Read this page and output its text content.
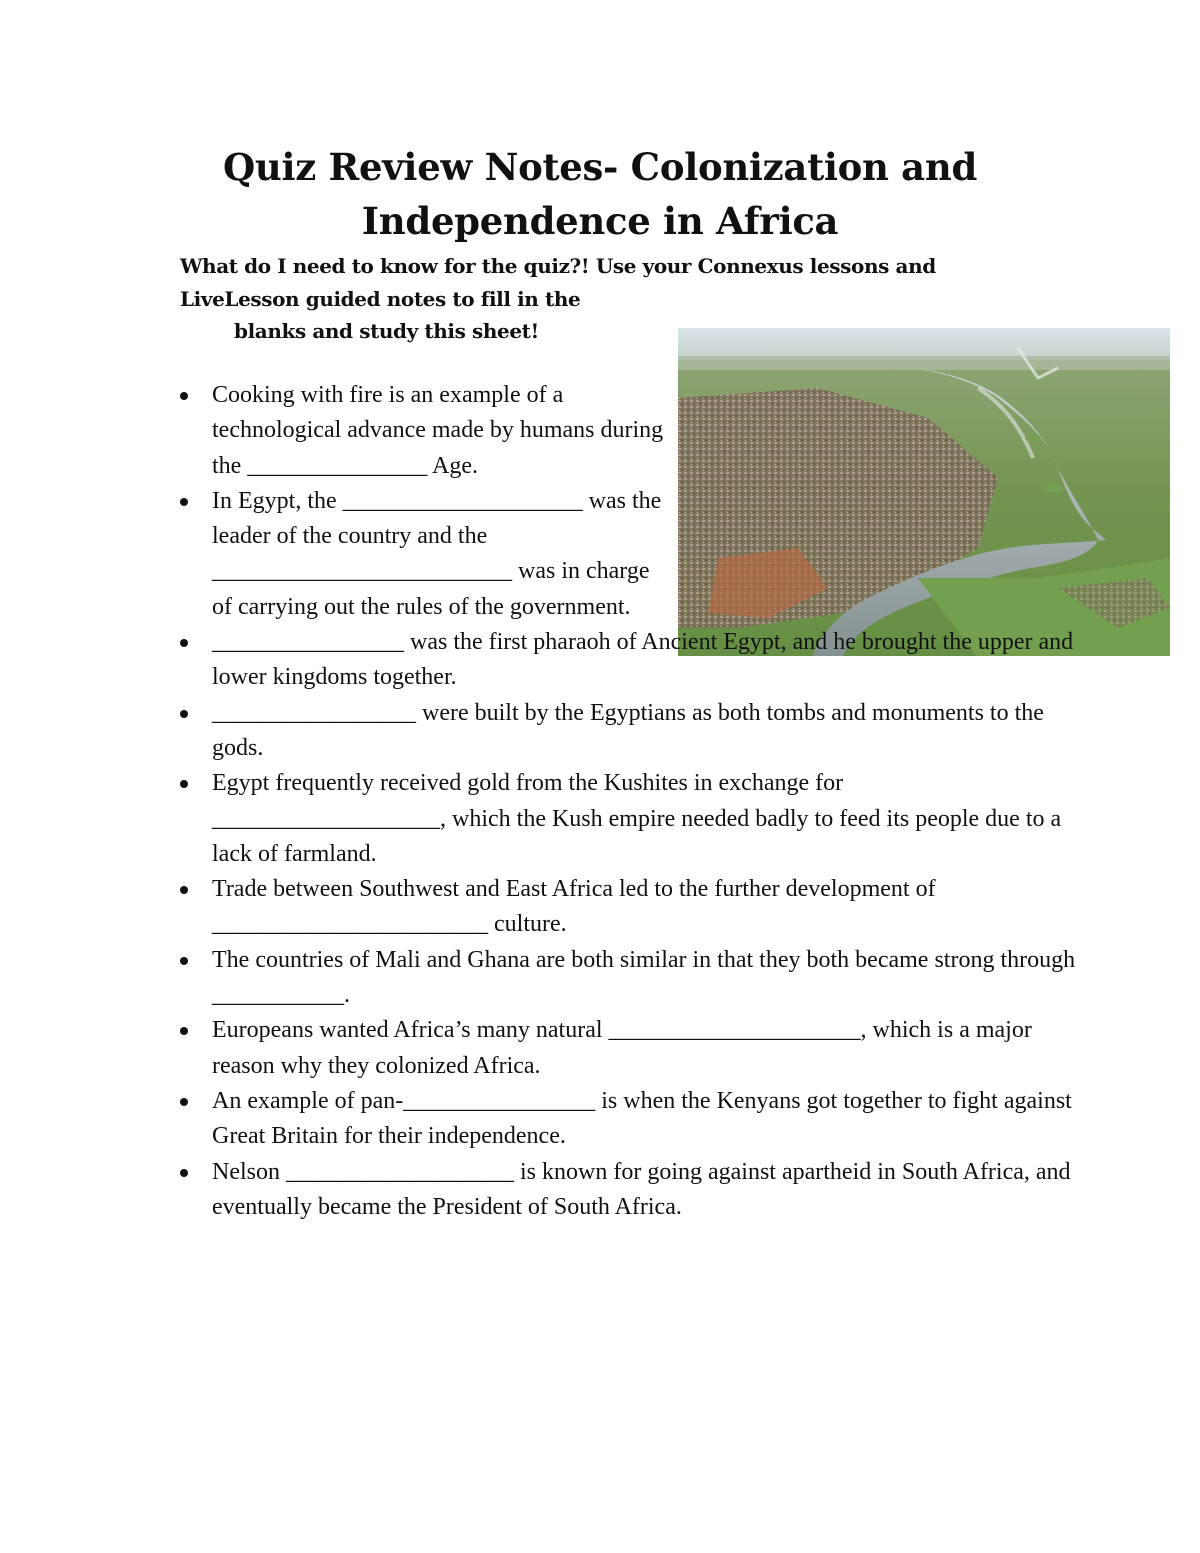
Quiz Review Notes- Colonization and
Independence in Africa
What do I need to know for the quiz?! Use your Connexus lessons and
LiveLesson guided notes to fill in the
blanks and study this sheet!
Cooking with fire is an example of a technological advance made by humans during the _______________ Age.
In Egypt, the ____________________ was the leader of the country and the _________________________ was in charge of carrying out the rules of the government.
________________ was the first pharaoh of Ancient Egypt, and he brought the upper and lower kingdoms together.
_________________ were built by the Egyptians as both tombs and monuments to the gods.
Egypt frequently received gold from the Kushites in exchange for ___________________, which the Kush empire needed badly to feed its people due to a lack of farmland.
Trade between Southwest and East Africa led to the further development of _______________________ culture.
The countries of Mali and Ghana are both similar in that they both became strong through ___________.
Europeans wanted Africa’s many natural _____________________, which is a major reason why they colonized Africa.
An example of pan-________________ is when the Kenyans got together to fight against Great Britain for their independence.
Nelson ___________________ is known for going against apartheid in South Africa, and eventually became the President of South Africa.
